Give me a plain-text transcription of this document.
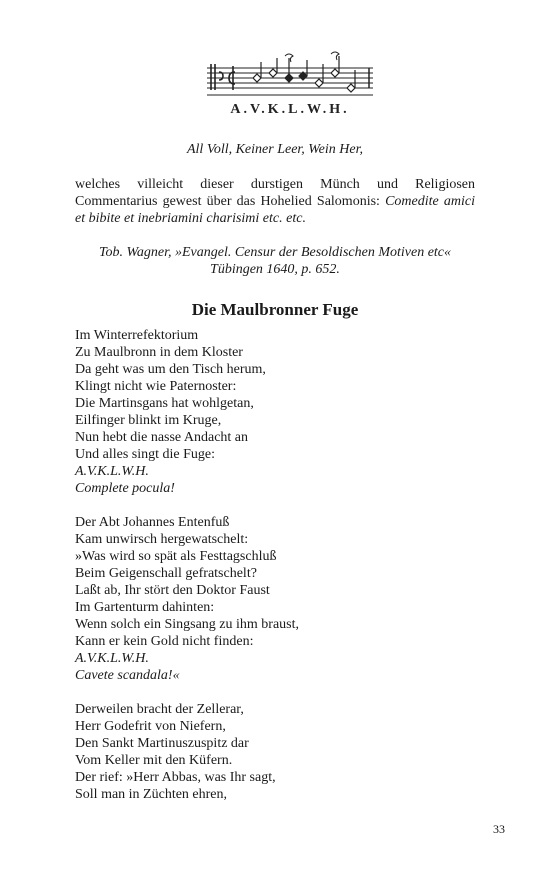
A.V.K.L.W.H.
All Voll, Keiner Leer, Wein Her,
welches villeicht dieser durstigen Münch und Religiosen Commentarius gewest über das Hohelied Salomonis: Comedite amici et bibite et inebriamini charisimi etc. etc.
Tob. Wagner, »Evangel. Censur der Besoldischen Motiven etc« Tübingen 1640, p. 652.
Die Maulbronner Fuge
Im Winterrefektorium
Zu Maulbronn in dem Kloster
Da geht was um den Tisch herum,
Klingt nicht wie Paternoster:
Die Martinsgans hat wohlgetan,
Eilfinger blinkt im Kruge,
Nun hebt die nasse Andacht an
Und alles singt die Fuge:
A.V.K.L.W.H.
Complete pocula!
Der Abt Johannes Entenfuß
Kam unwirsch hergewatschelt:
»Was wird so spät als Festtagschluß
Beim Geigenschall gefratschelt?
Laßt ab, Ihr stört den Doktor Faust
Im Gartenturm dahinten:
Wenn solch ein Singsang zu ihm braust,
Kann er kein Gold nicht finden:
A.V.K.L.W.H.
Cavete scandala!«
Derweilen bracht der Zellerar,
Herr Godefrit von Niefern,
Den Sankt Martinuszuspitz dar
Vom Keller mit den Küfern.
Der rief: »Herr Abbas, was Ihr sagt,
Soll man in Züchten ehren,
33
